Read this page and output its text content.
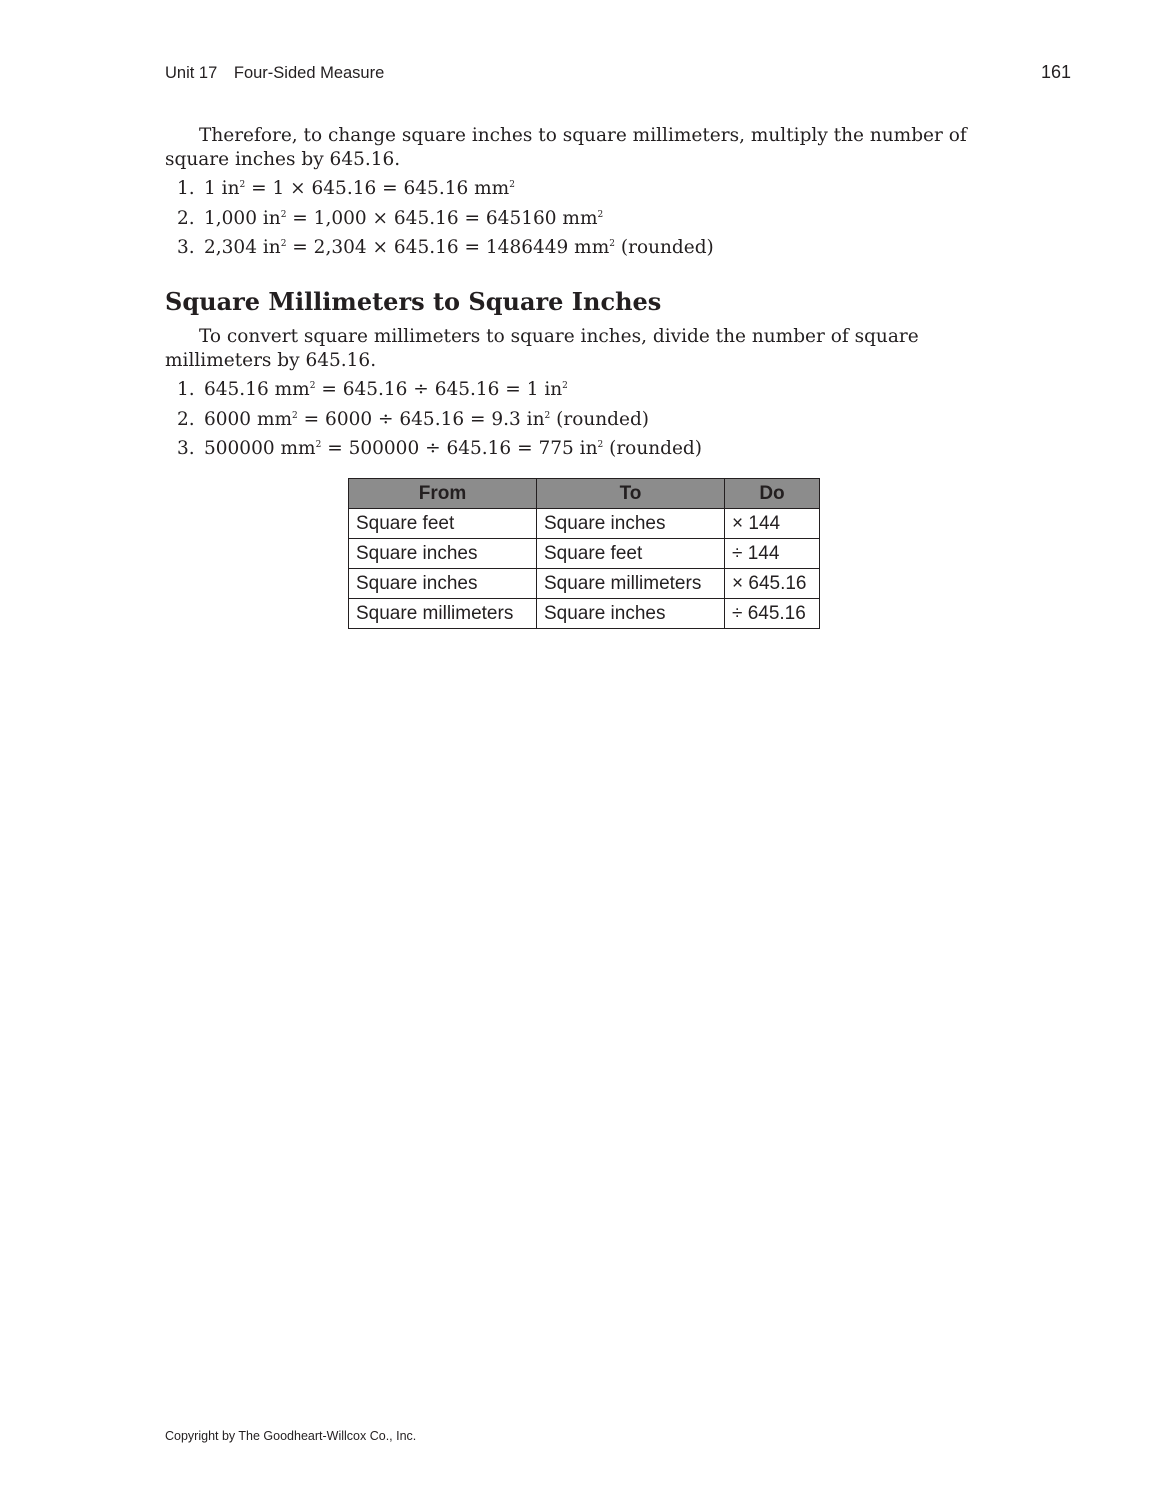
Unit 17 Four-Sided Measure	161

Therefore, to change square inches to square millimeters, multiply the number of square inches by 645.16.

1. 1 $in^2 = 1 \times 645.16 = 645.16$ $mm^2$
2. 1,000 $in^2 = 1,000 \times 645.16 = 645160$ $mm^2$
3. 2,304 $in^2 = 2,304 \times 645.16 = 1486449$ $mm^2$ (rounded)
Square Millimeters to Square Inches

To convert square millimeters to square inches, divide the number of square millimeters by 645.16.

1. 645.16 $mm^2 = 645.16 \div 645.16 = 1$ $in^2$
2. 6000 $mm^2 = 6000 \div 645.16 = 9.3$ $in^2$ (rounded)
3. 500000 $mm^2 = 500000 \div 645.16 = 775$ $in^2$ (rounded)
From	To	Do
Square feet	Square inches	× 144
Square inches	Square feet	÷ 144
Square inches	Square millimeters	× 645.16
Square millimeters	Square inches	÷ 645.16
Copyright by The Goodheart-Willcox Co., Inc.
